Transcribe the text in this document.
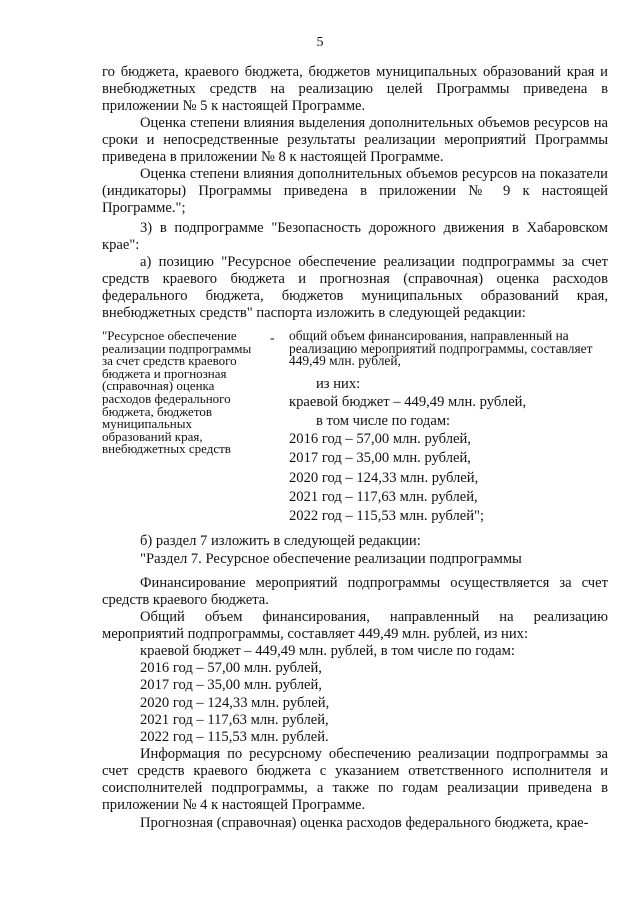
5
го бюджета, краевого бюджета, бюджетов муниципальных образований края и внебюджетных средств на реализацию целей Программы приведена в приложении № 5 к настоящей Программе.
Оценка степени влияния выделения дополнительных объемов ресурсов на сроки и непосредственные результаты реализации мероприятий Программы приведена в приложении № 8 к настоящей Программе.
Оценка степени влияния дополнительных объемов ресурсов на показатели (индикаторы) Программы приведена в приложении № 9 к настоящей Программе.";
3) в подпрограмме "Безопасность дорожного движения в Хабаровском крае":
а) позицию "Ресурсное обеспечение реализации подпрограммы за счет средств краевого бюджета и прогнозная (справочная) оценка расходов федерального бюджета, бюджетов муниципальных образований края, внебюджетных средств" паспорта изложить в следующей редакции:
"Ресурсное обеспечение реализации подпрограммы за счет средств краевого бюджета и прогнозная (справочная) оценка расходов федерального бюджета, бюджетов муниципальных образований края, внебюджетных средств
- общий объем финансирования, направленный на реализацию мероприятий подпрограммы, составляет 449,49 млн. рублей,
из них:
краевой бюджет – 449,49 млн. рублей,
в том числе по годам:
2016 год – 57,00 млн. рублей,
2017 год – 35,00 млн. рублей,
2020 год – 124,33 млн. рублей,
2021 год – 117,63 млн. рублей,
2022 год – 115,53 млн. рублей";
б) раздел 7 изложить в следующей редакции:
"Раздел 7. Ресурсное обеспечение реализации подпрограммы
Финансирование мероприятий подпрограммы осуществляется за счет средств краевого бюджета.
Общий объем финансирования, направленный на реализацию мероприятий подпрограммы, составляет 449,49 млн. рублей, из них:
краевой бюджет – 449,49 млн. рублей, в том числе по годам:
2016 год – 57,00 млн. рублей,
2017 год – 35,00 млн. рублей,
2020 год – 124,33 млн. рублей,
2021 год – 117,63 млн. рублей,
2022 год – 115,53 млн. рублей.
Информация по ресурсному обеспечению реализации подпрограммы за счет средств краевого бюджета с указанием ответственного исполнителя и соисполнителей подпрограммы, а также по годам реализации приведена в приложении № 4 к настоящей Программе.
Прогнозная (справочная) оценка расходов федерального бюджета, крае-
